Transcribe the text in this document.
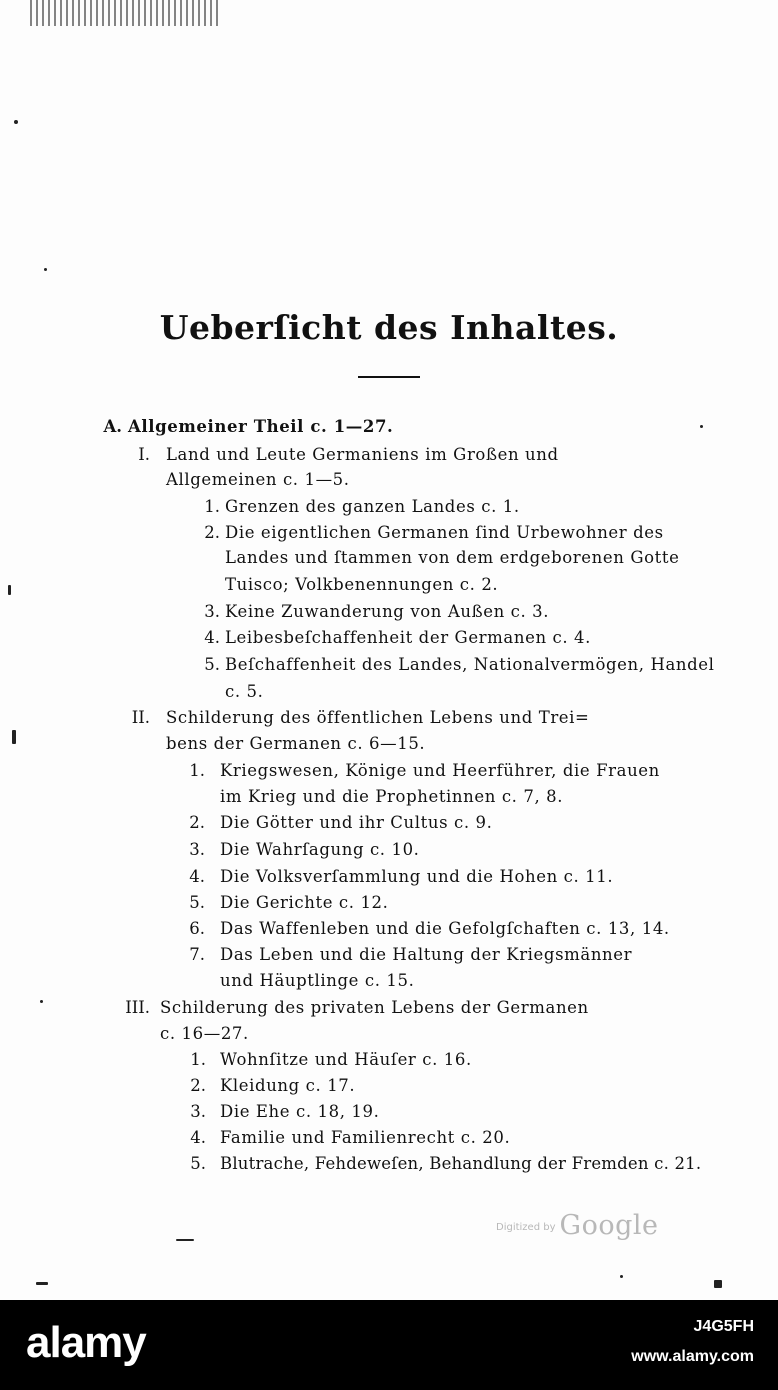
Ueberſicht des Inhaltes.
A. Allgemeiner Theil c. 1—27.
I. Land und Leute Germaniens im Großen und
Allgemeinen c. 1—5.
1. Grenzen des ganzen Landes c. 1.
2. Die eigentlichen Germanen ſind Urbewohner des
Landes und ſtammen von dem erdgeborenen Gotte
Tuisco; Volkbenennungen c. 2.
3. Keine Zuwanderung von Außen c. 3.
4. Leibesbeſchaffenheit der Germanen c. 4.
5. Beſchaffenheit des Landes, Nationalvermögen, Handel
c. 5.
II. Schilderung des öffentlichen Lebens und Trei=
bens der Germanen c. 6—15.
1. Kriegswesen, Könige und Heerführer, die Frauen
im Krieg und die Prophetinnen c. 7, 8.
2. Die Götter und ihr Cultus c. 9.
3. Die Wahrſagung c. 10.
4. Die Volksverſammlung und die Hohen c. 11.
5. Die Gerichte c. 12.
6. Das Waffenleben und die Gefolgſchaften c. 13, 14.
7. Das Leben und die Haltung der Kriegsmänner
und Häuptlinge c. 15.
III. Schilderung des privaten Lebens der Germanen
c. 16—27.
1. Wohnſitze und Häuſer c. 16.
2. Kleidung c. 17.
3. Die Ehe c. 18, 19.
4. Familie und Familienrecht c. 20.
5. Blutrache, Fehdeweſen, Behandlung der Fremden c. 21.
$^{Digitized by}$ Google
alamy	J4G5FH
www.alamy.com
